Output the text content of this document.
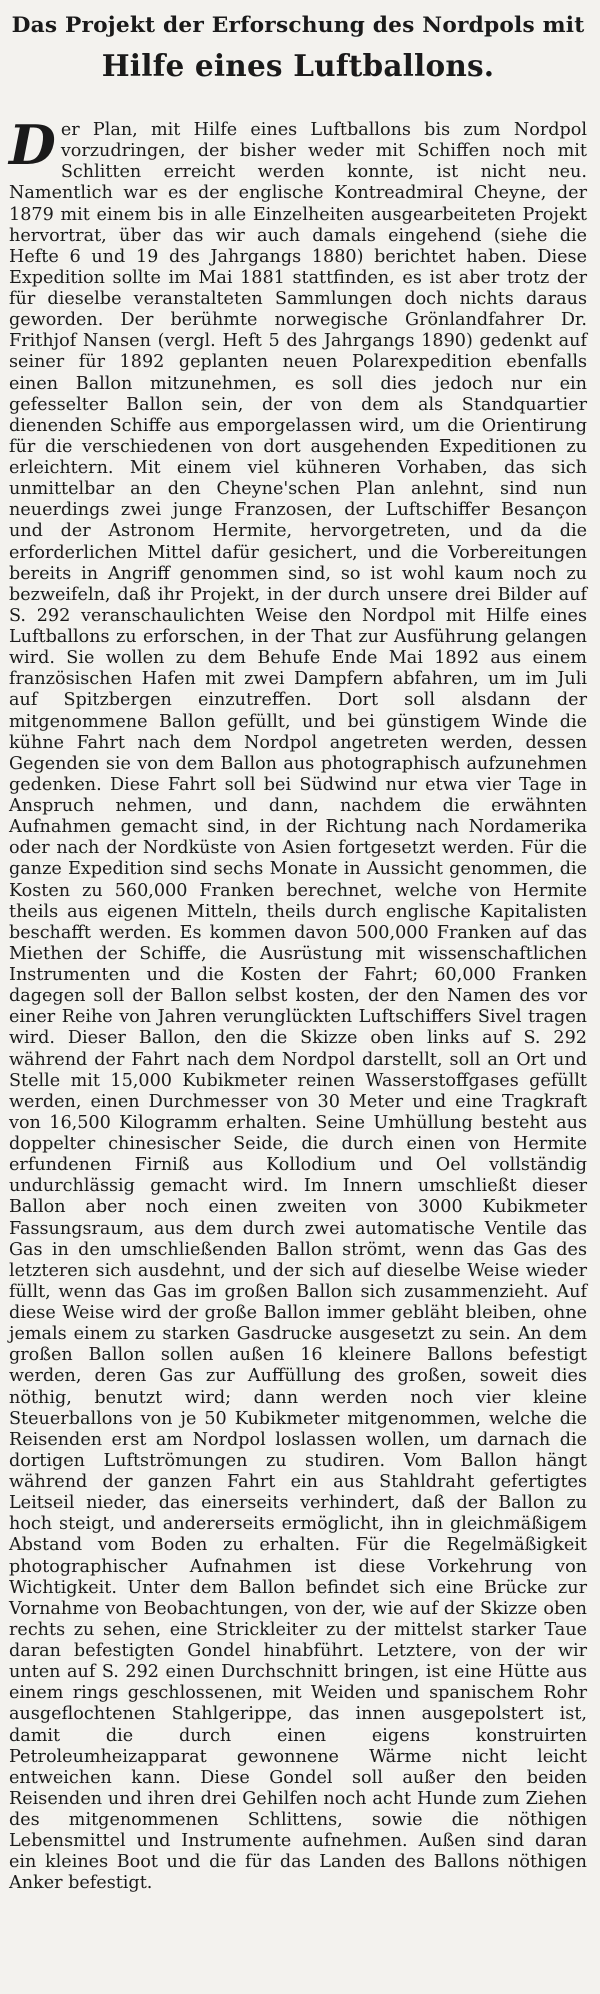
Das Projekt der Erforschung des Nordpols mit
Hilfe eines Luftballons.

Der Plan, mit Hilfe eines Luftballons bis zum Nordpol vorzudringen, der bisher weder mit Schiffen noch mit Schlitten erreicht werden konnte, ist nicht neu. Namentlich war es der englische Kontreadmiral Cheyne, der 1879 mit einem bis in alle Einzelheiten ausgearbeiteten Projekt hervortrat, über das wir auch damals eingehend (siehe die Hefte 6 und 19 des Jahrgangs 1880) berichtet haben. Diese Expedition sollte im Mai 1881 stattfinden, es ist aber trotz der für dieselbe veranstalteten Sammlungen doch nichts daraus geworden. Der berühmte norwegische Grönlandfahrer Dr. Frithjof Nansen (vergl. Heft 5 des Jahrgangs 1890) gedenkt auf seiner für 1892 geplanten neuen Polarexpedition ebenfalls einen Ballon mitzunehmen, es soll dies jedoch nur ein gefesselter Ballon sein, der von dem als Standquartier dienenden Schiffe aus emporgelassen wird, um die Orientirung für die verschiedenen von dort ausgehenden Expeditionen zu erleichtern. Mit einem viel kühneren Vorhaben, das sich unmittelbar an den Cheyne'schen Plan anlehnt, sind nun neuerdings zwei junge Franzosen, der Luftschiffer Besançon und der Astronom Hermite, hervorgetreten, und da die erforderlichen Mittel dafür gesichert, und die Vorbereitungen bereits in Angriff genommen sind, so ist wohl kaum noch zu bezweifeln, daß ihr Projekt, in der durch unsere drei Bilder auf S. 292 veranschaulichten Weise den Nordpol mit Hilfe eines Luftballons zu erforschen, in der That zur Ausführung gelangen wird. Sie wollen zu dem Behufe Ende Mai 1892 aus einem französischen Hafen mit zwei Dampfern abfahren, um im Juli auf Spitzbergen einzutreffen. Dort soll alsdann der mitgenommene Ballon gefüllt, und bei günstigem Winde die kühne Fahrt nach dem Nordpol angetreten werden, dessen Gegenden sie von dem Ballon aus photographisch aufzunehmen gedenken. Diese Fahrt soll bei Südwind nur etwa vier Tage in Anspruch nehmen, und dann, nachdem die erwähnten Aufnahmen gemacht sind, in der Richtung nach Nordamerika oder nach der Nordküste von Asien fortgesetzt werden. Für die ganze Expedition sind sechs Monate in Aussicht genommen, die Kosten zu 560,000 Franken berechnet, welche von Hermite theils aus eigenen Mitteln, theils durch englische Kapitalisten beschafft werden. Es kommen davon 500,000 Franken auf das Miethen der Schiffe, die Ausrüstung mit wissenschaftlichen Instrumenten und die Kosten der Fahrt; 60,000 Franken dagegen soll der Ballon selbst kosten, der den Namen des vor einer Reihe von Jahren verunglückten Luftschiffers Sivel tragen wird. Dieser Ballon, den die Skizze oben links auf S. 292 während der Fahrt nach dem Nordpol darstellt, soll an Ort und Stelle mit 15,000 Kubikmeter reinen Wasserstoffgases gefüllt werden, einen Durchmesser von 30 Meter und eine Tragkraft von 16,500 Kilogramm erhalten. Seine Umhüllung besteht aus doppelter chinesischer Seide, die durch einen von Hermite erfundenen Firniß aus Kollodium und Oel vollständig undurchlässig gemacht wird. Im Innern umschließt dieser Ballon aber noch einen zweiten von 3000 Kubikmeter Fassungsraum, aus dem durch zwei automatische Ventile das Gas in den umschließenden Ballon strömt, wenn das Gas des letzteren sich ausdehnt, und der sich auf dieselbe Weise wieder füllt, wenn das Gas im großen Ballon sich zusammenzieht. Auf diese Weise wird der große Ballon immer gebläht bleiben, ohne jemals einem zu starken Gasdrucke ausgesetzt zu sein. An dem großen Ballon sollen außen 16 kleinere Ballons befestigt werden, deren Gas zur Auffüllung des großen, soweit dies nöthig, benutzt wird; dann werden noch vier kleine Steuerballons von je 50 Kubikmeter mitgenommen, welche die Reisenden erst am Nordpol loslassen wollen, um darnach die dortigen Luftströmungen zu studiren. Vom Ballon hängt während der ganzen Fahrt ein aus Stahldraht gefertigtes Leitseil nieder, das einerseits verhindert, daß der Ballon zu hoch steigt, und andererseits ermöglicht, ihn in gleichmäßigem Abstand vom Boden zu erhalten. Für die Regelmäßigkeit photographischer Aufnahmen ist diese Vorkehrung von Wichtigkeit. Unter dem Ballon befindet sich eine Brücke zur Vornahme von Beobachtungen, von der, wie auf der Skizze oben rechts zu sehen, eine Strickleiter zu der mittelst starker Taue daran befestigten Gondel hinabführt. Letztere, von der wir unten auf S. 292 einen Durchschnitt bringen, ist eine Hütte aus einem rings geschlossenen, mit Weiden und spanischem Rohr ausgeflochtenen Stahlgerippe, das innen ausgepolstert ist, damit die durch einen eigens konstruirten Petroleumheizapparat gewonnene Wärme nicht leicht entweichen kann. Diese Gondel soll außer den beiden Reisenden und ihren drei Gehilfen noch acht Hunde zum Ziehen des mitgenommenen Schlittens, sowie die nöthigen Lebensmittel und Instrumente aufnehmen. Außen sind daran ein kleines Boot und die für das Landen des Ballons nöthigen Anker befestigt.
